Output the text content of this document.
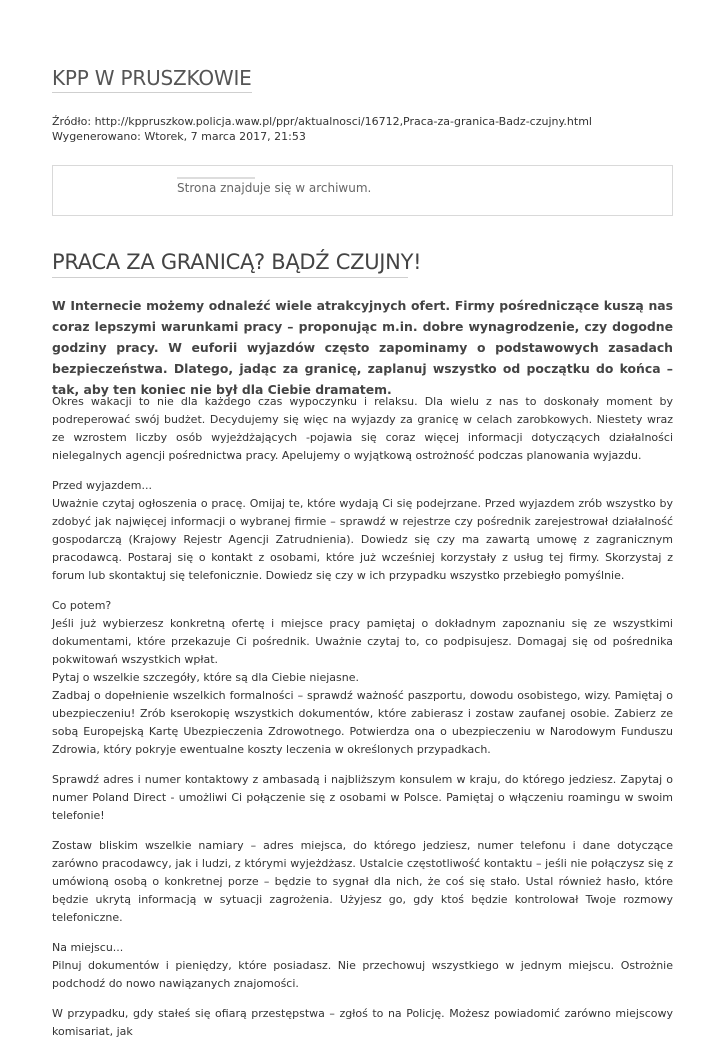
KPP W PRUSZKOWIE
Źródło: http://kppruszkow.policja.waw.pl/ppr/aktualnosci/16712,Praca-za-granica-Badz-czujny.html
Wygenerowano: Wtorek, 7 marca 2017, 21:53
Strona znajduje się w archiwum.
PRACA ZA GRANICĄ? BĄDŹ CZUJNY!

W Internecie możemy odnaleźć wiele atrakcyjnych ofert. Firmy pośredniczące kuszą nas coraz lepszymi warunkami pracy – proponując m.in. dobre wynagrodzenie, czy dogodne godziny pracy. W euforii wyjazdów często zapominamy o podstawowych zasadach bezpieczeństwa. Dlatego, jadąc za granicę, zaplanuj wszystko od początku do końca – tak, aby ten koniec nie był dla Ciebie dramatem.

Okres wakacji to nie dla każdego czas wypoczynku i relaksu. Dla wielu z nas to doskonały moment by podreperować swój budżet. Decydujemy się więc na wyjazdy za granicę w celach zarobkowych. Niestety wraz ze wzrostem liczby osób wyjeżdżających -pojawia się coraz więcej informacji dotyczących działalności nielegalnych agencji pośrednictwa pracy. Apelujemy o wyjątkową ostrożność podczas planowania wyjazdu.

Przed wyjazdem...
Uważnie czytaj ogłoszenia o pracę. Omijaj te, które wydają Ci się podejrzane. Przed wyjazdem zrób wszystko by zdobyć jak najwięcej informacji o wybranej firmie – sprawdź w rejestrze czy pośrednik zarejestrował działalność gospodarczą (Krajowy Rejestr Agencji Zatrudnienia). Dowiedz się czy ma zawartą umowę z zagranicznym pracodawcą. Postaraj się o kontakt z osobami, które już wcześniej korzystały z usług tej firmy. Skorzystaj z forum lub skontaktuj się telefonicznie. Dowiedz się czy w ich przypadku wszystko przebiegło pomyślnie.

Co potem?
Jeśli już wybierzesz konkretną ofertę i miejsce pracy pamiętaj o dokładnym zapoznaniu się ze wszystkimi dokumentami, które przekazuje Ci pośrednik. Uważnie czytaj to, co podpisujesz. Domagaj się od pośrednika pokwitowań wszystkich wpłat.
Pytaj o wszelkie szczegóły, które są dla Ciebie niejasne.
Zadbaj o dopełnienie wszelkich formalności – sprawdź ważność paszportu, dowodu osobistego, wizy. Pamiętaj o ubezpieczeniu! Zrób kserokopię wszystkich dokumentów, które zabierasz i zostaw zaufanej osobie. Zabierz ze sobą Europejską Kartę Ubezpieczenia Zdrowotnego. Potwierdza ona o ubezpieczeniu w Narodowym Funduszu Zdrowia, który pokryje ewentualne koszty leczenia w określonych przypadkach.

Sprawdź adres i numer kontaktowy z ambasadą i najbliższym konsulem w kraju, do którego jedziesz. Zapytaj o numer Poland Direct - umożliwi Ci połączenie się z osobami w Polsce. Pamiętaj o włączeniu roamingu w swoim telefonie!

Zostaw bliskim wszelkie namiary – adres miejsca, do którego jedziesz, numer telefonu i dane dotyczące zarówno pracodawcy, jak i ludzi, z którymi wyjeżdżasz. Ustalcie częstotliwość kontaktu – jeśli nie połączysz się z umówioną osobą o konkretnej porze – będzie to sygnał dla nich, że coś się stało. Ustal również hasło, które będzie ukrytą informacją w sytuacji zagrożenia. Użyjesz go, gdy ktoś będzie kontrolował Twoje rozmowy telefoniczne.

Na miejscu...
Pilnuj dokumentów i pieniędzy, które posiadasz. Nie przechowuj wszystkiego w jednym miejscu. Ostrożnie podchodź do nowo nawiązanych znajomości.

W przypadku, gdy stałeś się ofiarą przestępstwa – zgłoś to na Policję. Możesz powiadomić zarówno miejscowy komisariat, jak
